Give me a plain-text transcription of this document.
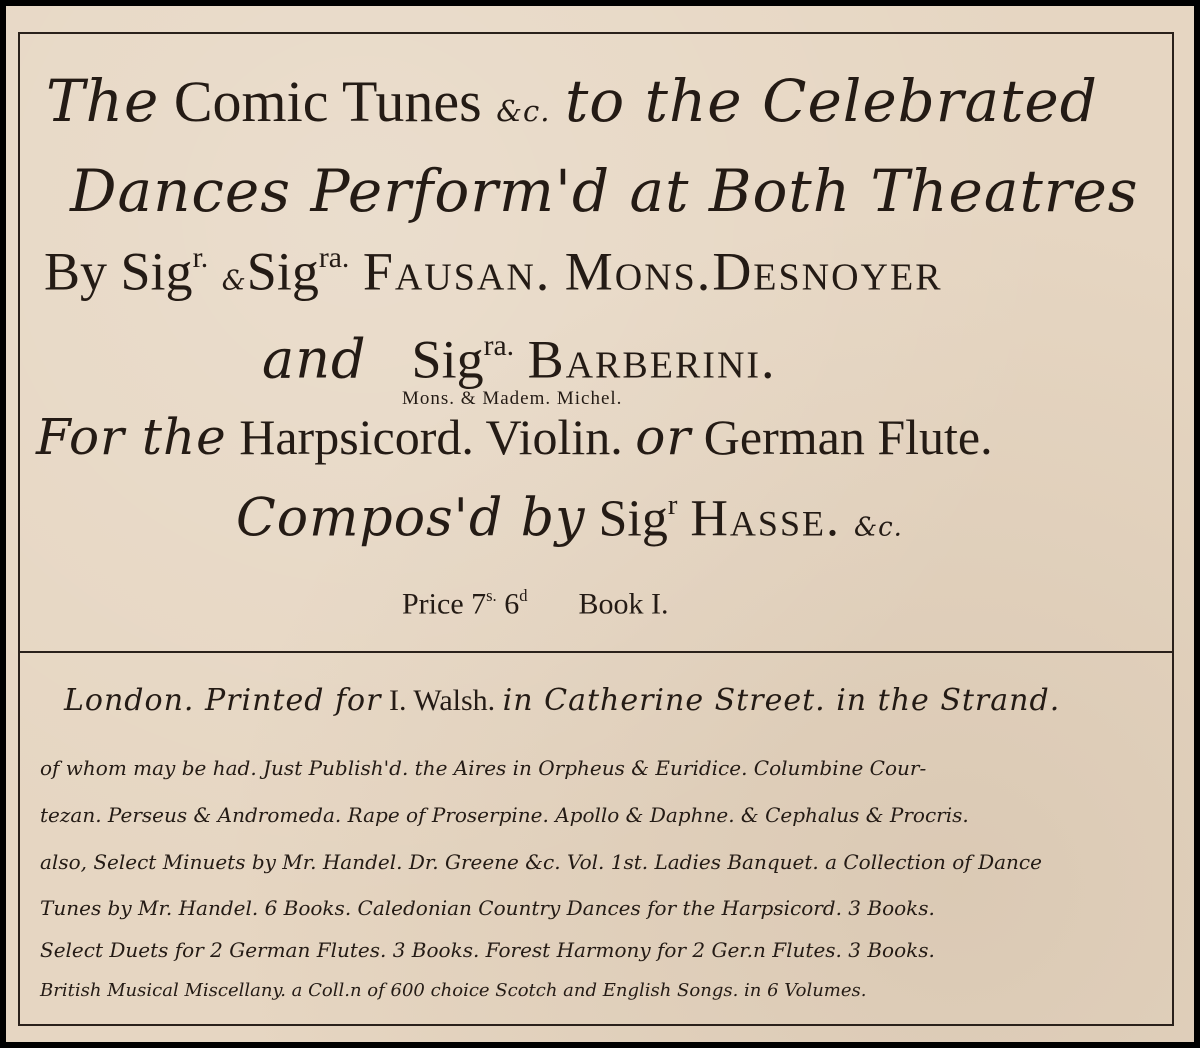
The Comic Tunes &c. to the Celebrated
Dances Perform'd at Both Theatres
By Sig$^{r.}$ &Sig$^{ra.}$ Fausan. Mons.Desnoyer
and Sig$^{ra.}$ Barberini.
Mons. & Madem. Michel.
For the Harpsicord. Violin. or German Flute.
Compos'd by Sig$^r$ Hasse. &c.
Price $7^{s.}$ 6$^d$ Book I.
London. Printed for I. Walsh. in Catherine Street. in the Strand.
of whom may be had. Just Publish'd. the Aires in Orpheus & Euridice. Columbine Cour-
tezan. Perseus & Andromeda. Rape of Proserpine. Apollo & Daphne. & Cephalus & Procris.
also, Select Minuets by Mr. Handel. Dr. Greene &c. Vol. 1st. Ladies Banquet. a Collection of Dance
Tunes by Mr. Handel. 6 Books. Caledonian Country Dances for the Harpsicord. 3 Books.
Select Duets for 2 German Flutes. 3 Books. Forest Harmony for 2 Ger.n Flutes. 3 Books.
British Musical Miscellany. a Coll.n of 600 choice Scotch and English Songs. in 6 Volumes.
